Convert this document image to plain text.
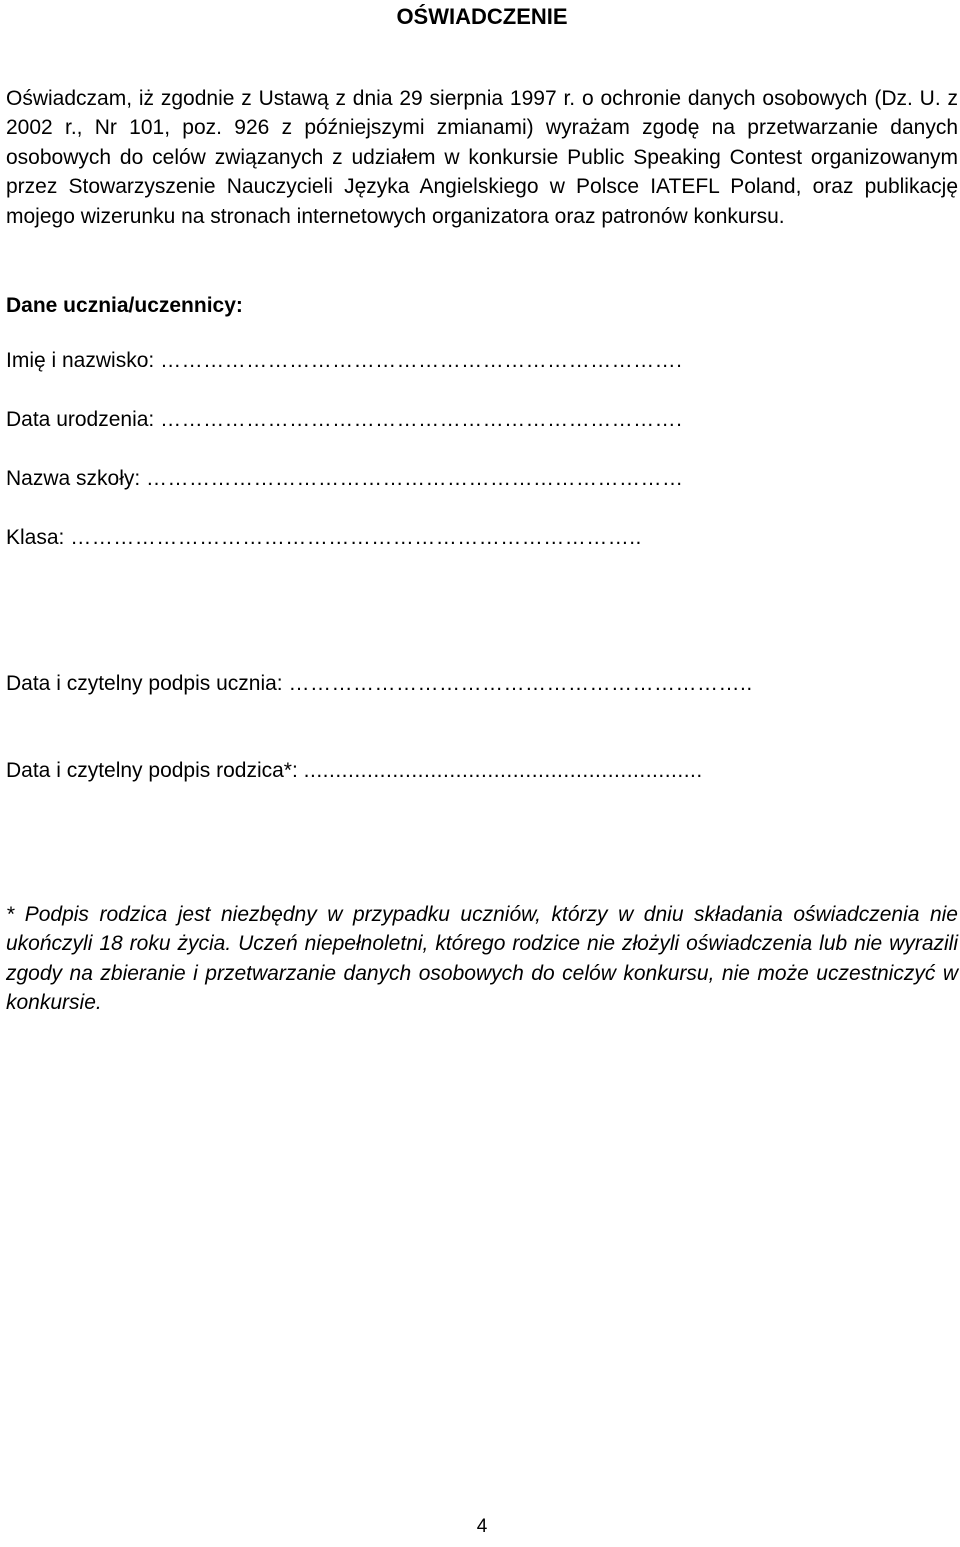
OŚWIADCZENIE

Oświadczam, iż zgodnie z Ustawą z dnia 29 sierpnia 1997 r. o ochronie danych osobowych (Dz. U. z 2002 r., Nr 101, poz. 926 z późniejszymi zmianami) wyrażam zgodę na przetwarzanie danych osobowych do celów związanych z udziałem w konkursie Public Speaking Contest organizowanym przez Stowarzyszenie Nauczycieli Języka Angielskiego w Polsce IATEFL Poland, oraz publikację mojego wizerunku na stronach internetowych organizatora oraz patronów konkursu.

Dane ucznia/uczennicy:
Imię i nazwisko: ……………………………………………………………….
Data urodzenia: ……………………………………………………………….
Nazwa szkoły: …………………………………………………………………
Klasa: ……………………………………………………………………..
Data i czytelny podpis ucznia: ………………………………………………………..
Data i czytelny podpis rodzica*: ...............................................................

* Podpis rodzica jest niezbędny w przypadku uczniów, którzy w dniu składania oświadczenia nie ukończyli 18 roku życia. Uczeń niepełnoletni, którego rodzice nie złożyli oświadczenia lub nie wyrazili zgody na zbieranie i przetwarzanie danych osobowych do celów konkursu, nie może uczestniczyć w konkursie.

4
